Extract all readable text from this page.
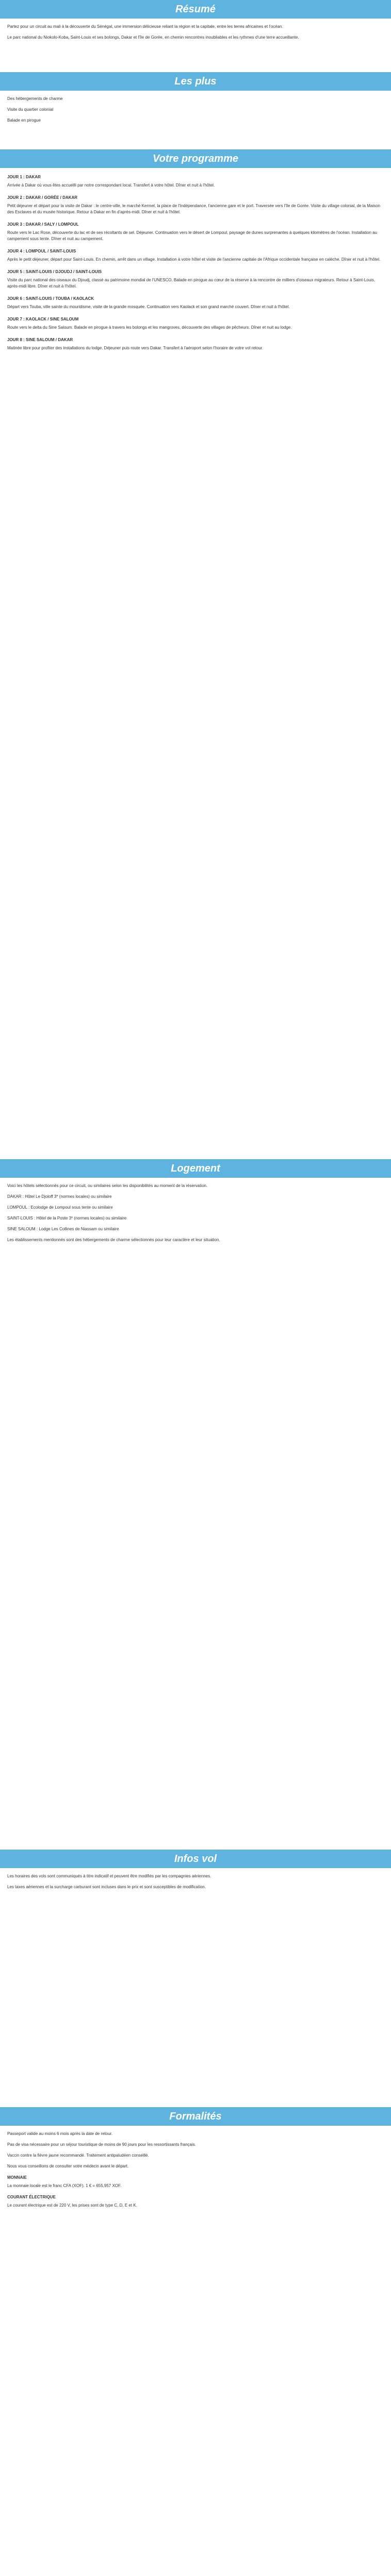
Résumé

Partez pour un circuit au mali à la découverte du Sénégal, une immersion délicieuse reliant la région et la capitale, entre les terres africaines et l'océan.

Le parc national du Niokolo-Koba, Saint-Louis et ses bolongs, Dakar et l'île de Gorée, en chemin rencontres inoubliables et les rythmes d'une terre accueillante.

Les plus

Des hébergements de charme

Visite du quartier colonial

Balade en pirogue

Votre programme
JOUR 1 : DAKAR

Arrivée à Dakar où vous êtes accueilli par notre correspondant local. Transfert à votre hôtel. Dîner et nuit à l'hôtel.

JOUR 2 : DAKAR / GORÉE / DAKAR

Petit déjeuner et départ pour la visite de Dakar : le centre-ville, le marché Kermel, la place de l'Indépendance, l'ancienne gare et le port. Traversée vers l'île de Gorée. Visite du village colonial, de la Maison des Esclaves et du musée historique. Retour à Dakar en fin d'après-midi. Dîner et nuit à l'hôtel.

JOUR 3 : DAKAR / SALY / LOMPOUL

Route vers le Lac Rose, découverte du lac et de ses récoltants de sel. Déjeuner. Continuation vers le désert de Lompoul, paysage de dunes surprenantes à quelques kilomètres de l'océan. Installation au campement sous tente. Dîner et nuit au campement.

JOUR 4 : LOMPOUL / SAINT-LOUIS

Après le petit déjeuner, départ pour Saint-Louis. En chemin, arrêt dans un village. Installation à votre hôtel et visite de l'ancienne capitale de l'Afrique occidentale française en calèche. Dîner et nuit à l'hôtel.

JOUR 5 : SAINT-LOUIS / DJOUDJ / SAINT-LOUIS

Visite du parc national des oiseaux du Djoudj, classé au patrimoine mondial de l'UNESCO. Balade en pirogue au cœur de la réserve à la rencontre de milliers d'oiseaux migrateurs. Retour à Saint-Louis, après-midi libre. Dîner et nuit à l'hôtel.

JOUR 6 : SAINT-LOUIS / TOUBA / KAOLACK

Départ vers Touba, ville sainte du mouridisme, visite de la grande mosquée. Continuation vers Kaolack et son grand marché couvert. Dîner et nuit à l'hôtel.

JOUR 7 : KAOLACK / SINE SALOUM

Route vers le delta du Sine Saloum. Balade en pirogue à travers les bolongs et les mangroves, découverte des villages de pêcheurs. Dîner et nuit au lodge.

JOUR 8 : SINE SALOUM / DAKAR

Matinée libre pour profiter des installations du lodge. Déjeuner puis route vers Dakar. Transfert à l'aéroport selon l'horaire de votre vol retour.

Logement

Voici les hôtels sélectionnés pour ce circuit, ou similaires selon les disponibilités au moment de la réservation.

DAKAR : Hôtel Le Djoloff 3* (normes locales) ou similaire

LOMPOUL : Ecolodge de Lompoul sous tente ou similaire

SAINT-LOUIS : Hôtel de la Poste 3* (normes locales) ou similaire

SINE SALOUM : Lodge Les Collines de Niassam ou similaire

Les établissements mentionnés sont des hébergements de charme sélectionnés pour leur caractère et leur situation.

Infos vol

Les horaires des vols sont communiqués à titre indicatif et peuvent être modifiés par les compagnies aériennes.

Les taxes aériennes et la surcharge carburant sont incluses dans le prix et sont susceptibles de modification.

Formalités

Passeport valide au moins 6 mois après la date de retour.

Pas de visa nécessaire pour un séjour touristique de moins de 90 jours pour les ressortissants français.

Vaccin contre la fièvre jaune recommandé. Traitement antipaludéen conseillé.

Nous vous conseillons de consulter votre médecin avant le départ.

MONNAIE

La monnaie locale est le franc CFA (XOF). 1 € = 655,957 XOF.

COURANT ÉLECTRIQUE

Le courant électrique est de 220 V, les prises sont de type C, D, E et K.
